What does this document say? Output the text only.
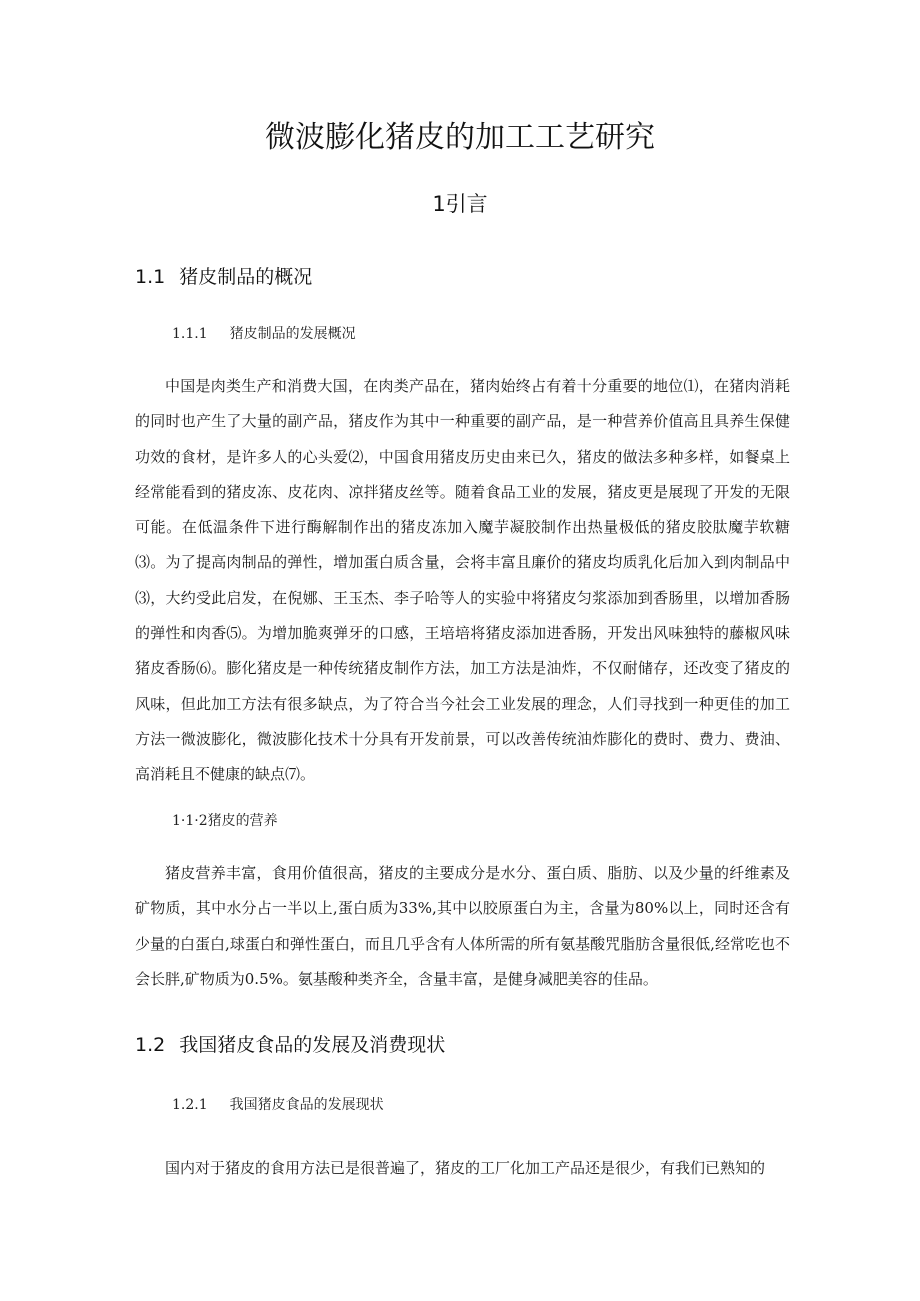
微波膨化猪皮的加工工艺研究
1引言
1.1 猪皮制品的概况
1.1.1 猪皮制品的发展概况

中国是肉类生产和消费大国，在肉类产品在，猪肉始终占有着十分重要的地位⑴，在猪肉消耗的同时也产生了大量的副产品，猪皮作为其中一种重要的副产品，是一种营养价值高且具养生保健功效的食材，是许多人的心头爱⑵，中国食用猪皮历史由来已久，猪皮的做法多种多样，如餐桌上经常能看到的猪皮冻、皮花肉、凉拌猪皮丝等。随着食品工业的发展，猪皮更是展现了开发的无限可能。在低温条件下进行酶解制作出的猪皮冻加入魔芋凝胶制作出热量极低的猪皮胶肽魔芋软糖⑶。为了提高肉制品的弹性，增加蛋白质含量，会将丰富且廉价的猪皮均质乳化后加入到肉制品中⑶，大约受此启发，在倪娜、王玉杰、李子哈等人的实验中将猪皮匀浆添加到香肠里，以增加香肠的弹性和肉香⑸。为增加脆爽弹牙的口感，王培培将猪皮添加进香肠，开发出风味独特的藤椒风味猪皮香肠⑹。膨化猪皮是一种传统猪皮制作方法，加工方法是油炸，不仅耐储存，还改变了猪皮的风味，但此加工方法有很多缺点，为了符合当今社会工业发展的理念，人们寻找到一种更佳的加工方法一微波膨化，微波膨化技术十分具有开发前景，可以改善传统油炸膨化的费时、费力、费油、高消耗且不健康的缺点⑺。

1·1·2猪皮的营养

猪皮营养丰富，食用价值很高，猪皮的主要成分是水分、蛋白质、脂肪、以及少量的纤维素及矿物质，其中水分占一半以上,蛋白质为33%,其中以胶原蛋白为主，含量为80%以上，同时还含有少量的白蛋白,球蛋白和弹性蛋白，而且几乎含有人体所需的所有氨基酸咒脂肪含量很低,经常吃也不会长胖,矿物质为0.5%。氨基酸种类齐全，含量丰富，是健身减肥美容的佳品。

1.2 我国猪皮食品的发展及消费现状
1.2.1 我国猪皮食品的发展现状

国内对于猪皮的食用方法已是很普遍了，猪皮的工厂化加工产品还是很少，有我们已熟知的
